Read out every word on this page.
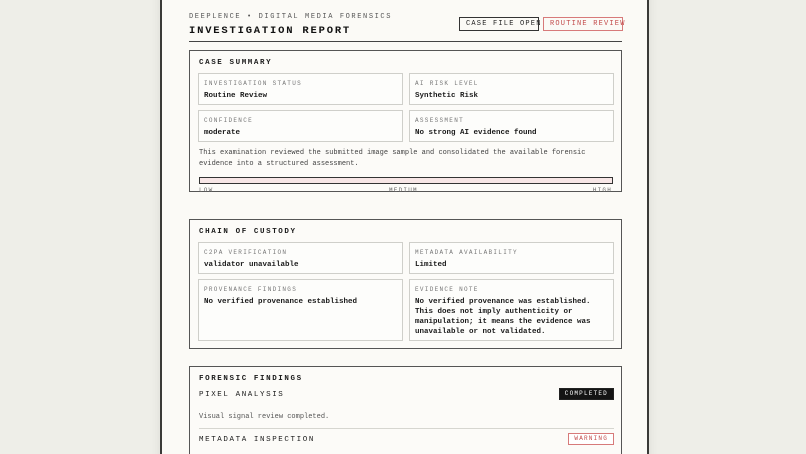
DEEPLENCE • DIGITAL MEDIA FORENSICS
INVESTIGATION REPORT
CASE FILE OPEN	ROUTINE REVIEW
CASE SUMMARY
INVESTIGATION STATUS
Routine Review
AI RISK LEVEL
Synthetic Risk
CONFIDENCE
moderate
ASSESSMENT
No strong AI evidence found
This examination reviewed the submitted image sample and consolidated the available forensic evidence into a structured assessment.
LOW	MEDIUM	HIGH
CHAIN OF CUSTODY
C2PA VERIFICATION
validator unavailable
METADATA AVAILABILITY
Limited
PROVENANCE FINDINGS
No verified provenance established
EVIDENCE NOTE
No verified provenance was established. This does not imply authenticity or manipulation; it means the evidence was unavailable or not validated.
FORENSIC FINDINGS
PIXEL ANALYSIS	COMPLETED
Visual signal review completed.
METADATA INSPECTION	WARNING
